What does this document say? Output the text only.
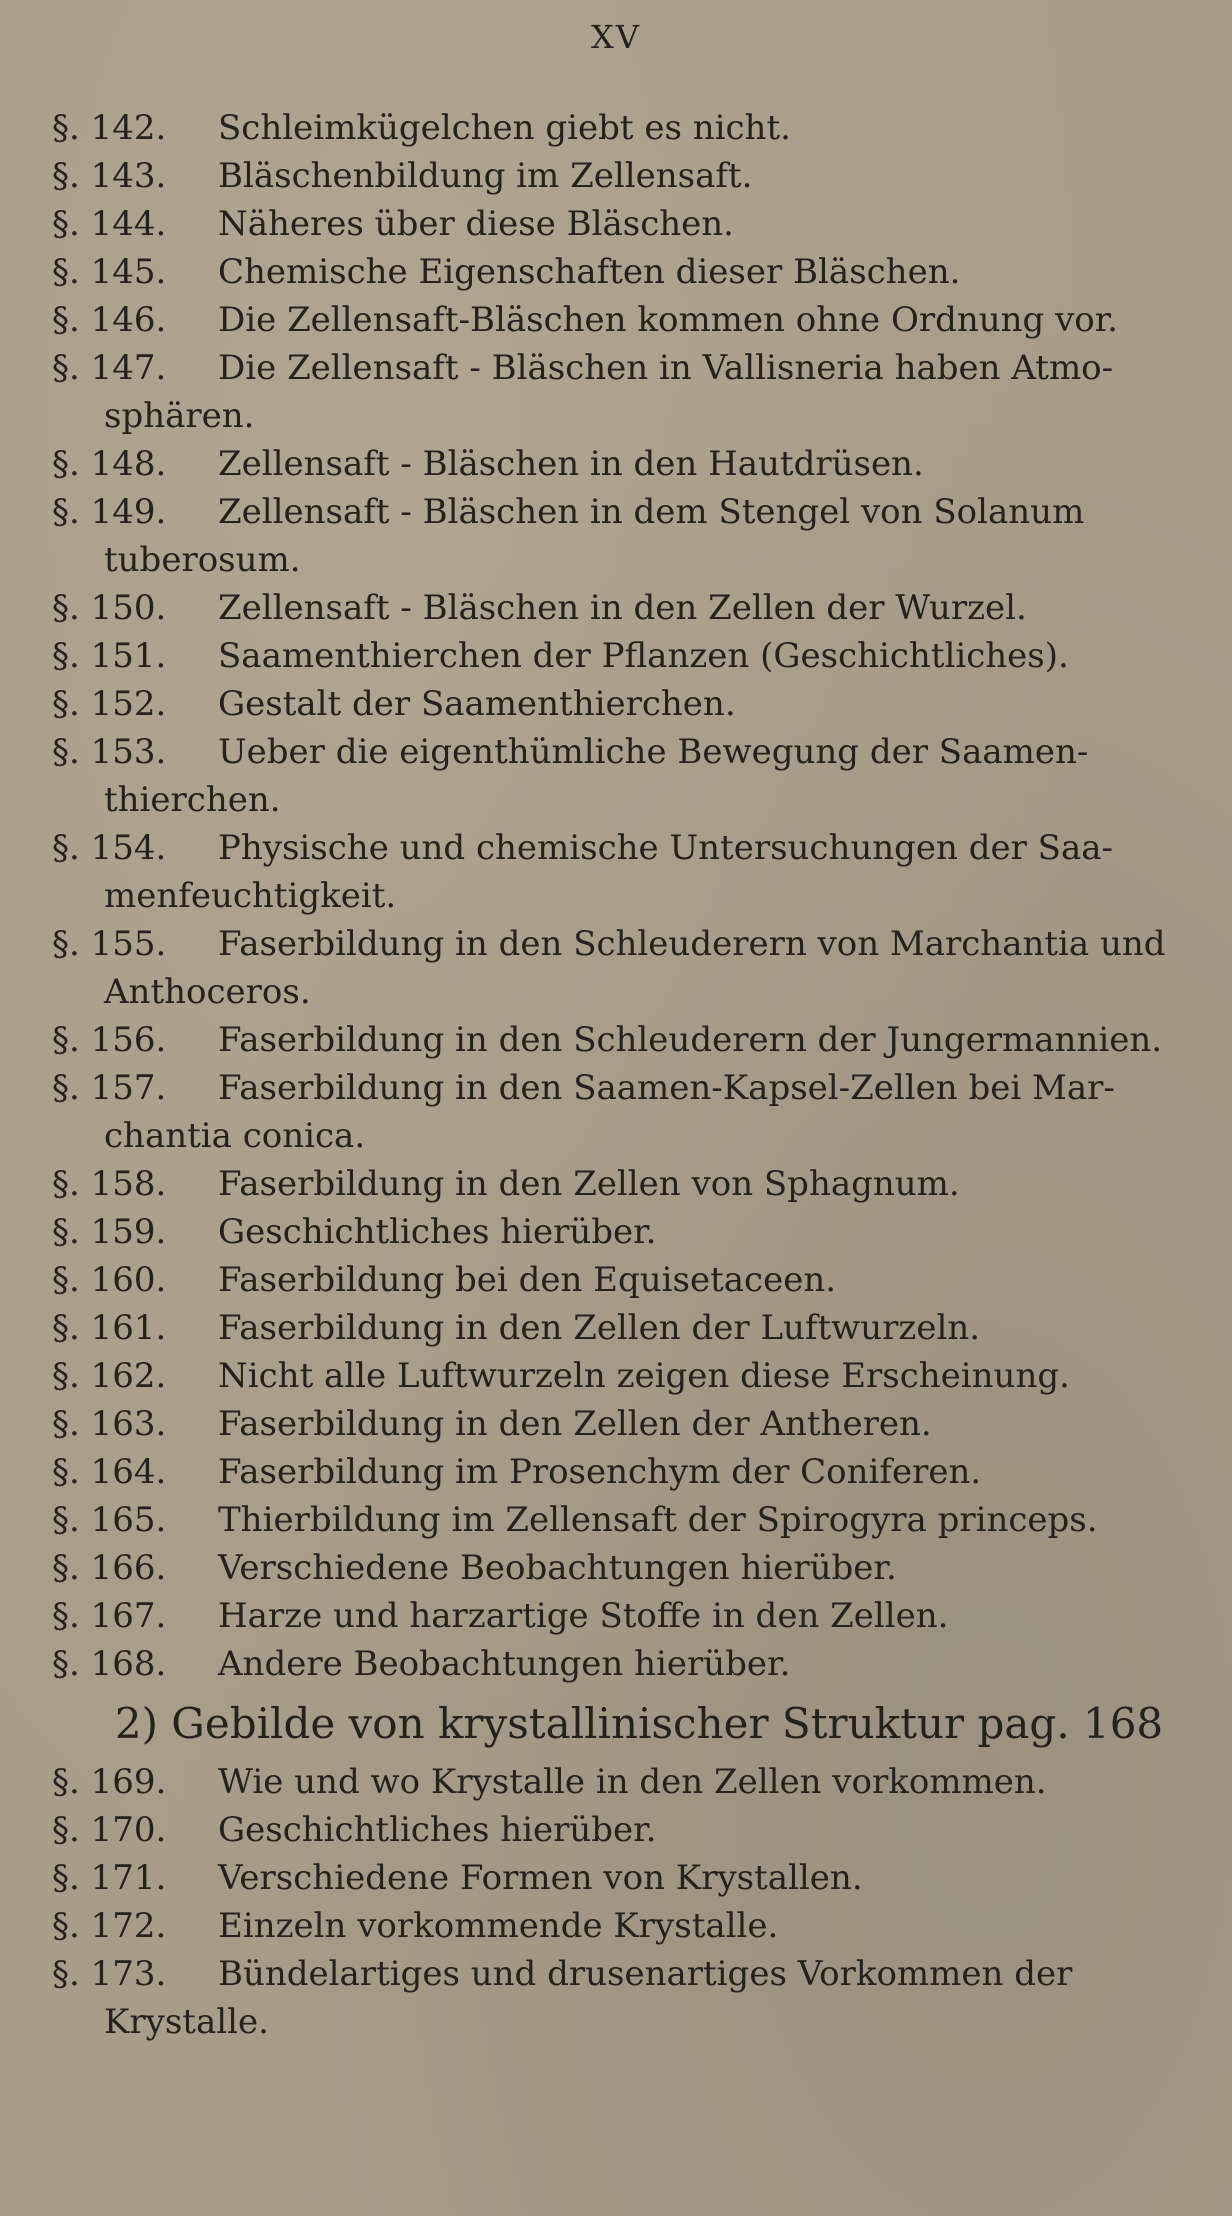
XV
§. 142. Schleimkügelchen giebt es nicht.
§. 143. Bläschenbildung im Zellensaft.
§. 144. Näheres über diese Bläschen.
§. 145. Chemische Eigenschaften dieser Bläschen.
§. 146. Die Zellensaft-Bläschen kommen ohne Ordnung vor.
§. 147. Die Zellensaft - Bläschen in Vallisneria haben Atmo-
sphären.
§. 148. Zellensaft - Bläschen in den Hautdrüsen.
§. 149. Zellensaft - Bläschen in dem Stengel von Solanum
tuberosum.
§. 150. Zellensaft - Bläschen in den Zellen der Wurzel.
§. 151. Saamenthierchen der Pflanzen (Geschichtliches).
§. 152. Gestalt der Saamenthierchen.
§. 153. Ueber die eigenthümliche Bewegung der Saamen-
thierchen.
§. 154. Physische und chemische Untersuchungen der Saa-
menfeuchtigkeit.
§. 155. Faserbildung in den Schleuderern von Marchantia und
Anthoceros.
§. 156. Faserbildung in den Schleuderern der Jungermannien.
§. 157. Faserbildung in den Saamen-Kapsel-Zellen bei Mar-
chantia conica.
§. 158. Faserbildung in den Zellen von Sphagnum.
§. 159. Geschichtliches hierüber.
§. 160. Faserbildung bei den Equisetaceen.
§. 161. Faserbildung in den Zellen der Luftwurzeln.
§. 162. Nicht alle Luftwurzeln zeigen diese Erscheinung.
§. 163. Faserbildung in den Zellen der Antheren.
§. 164. Faserbildung im Prosenchym der Coniferen.
§. 165. Thierbildung im Zellensaft der Spirogyra princeps.
§. 166. Verschiedene Beobachtungen hierüber.
§. 167. Harze und harzartige Stoffe in den Zellen.
§. 168. Andere Beobachtungen hierüber.
2) Gebilde von krystallinischer Struktur pag. 168
§. 169. Wie und wo Krystalle in den Zellen vorkommen.
§. 170. Geschichtliches hierüber.
§. 171. Verschiedene Formen von Krystallen.
§. 172. Einzeln vorkommende Krystalle.
§. 173. Bündelartiges und drusenartiges Vorkommen der
Krystalle.
